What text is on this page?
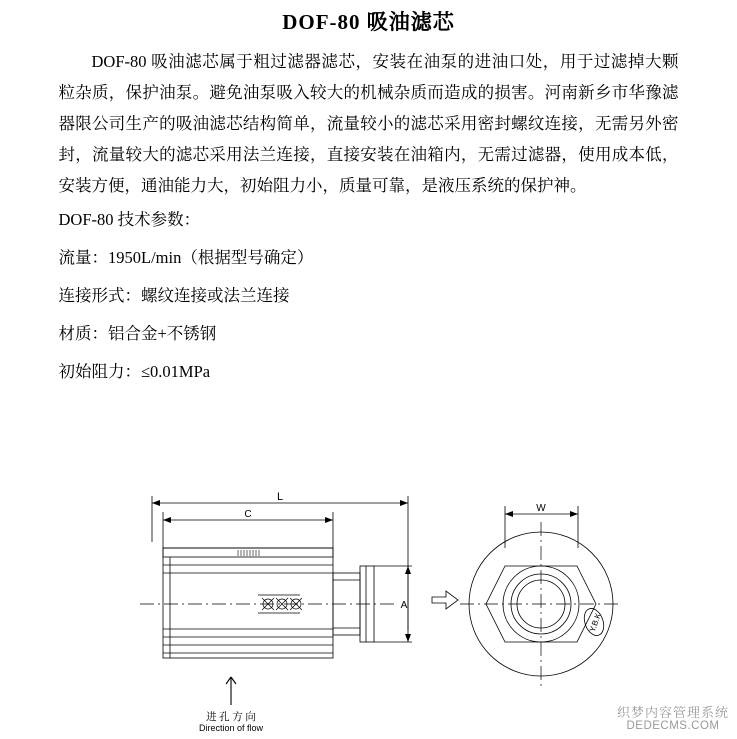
DOF-80 吸油滤芯

DOF-80 吸油滤芯属于粗过滤器滤芯，安装在油泵的进油口处，用于过滤掉大颗粒杂质，保护油泵。避免油泵吸入较大的机械杂质而造成的损害。河南新乡市华豫滤器限公司生产的吸油滤芯结构简单，流量较小的滤芯采用密封螺纹连接，无需另外密封，流量较大的滤芯采用法兰连接，直接安装在油箱内，无需过滤器，使用成本低，安装方便，通油能力大，初始阻力小，质量可靠，是液压系统的保护神。

DOF-80 技术参数：
流量：1950L/min（根据型号确定）
连接形式：螺纹连接或法兰连接
材质：铝合金+不锈钢
初始阻力：≤0.01MPa
L
C
A
W
Y.B.K
进 孔 方 向
Direction of flow
织梦内容管理系统
DEDECMS.COM
